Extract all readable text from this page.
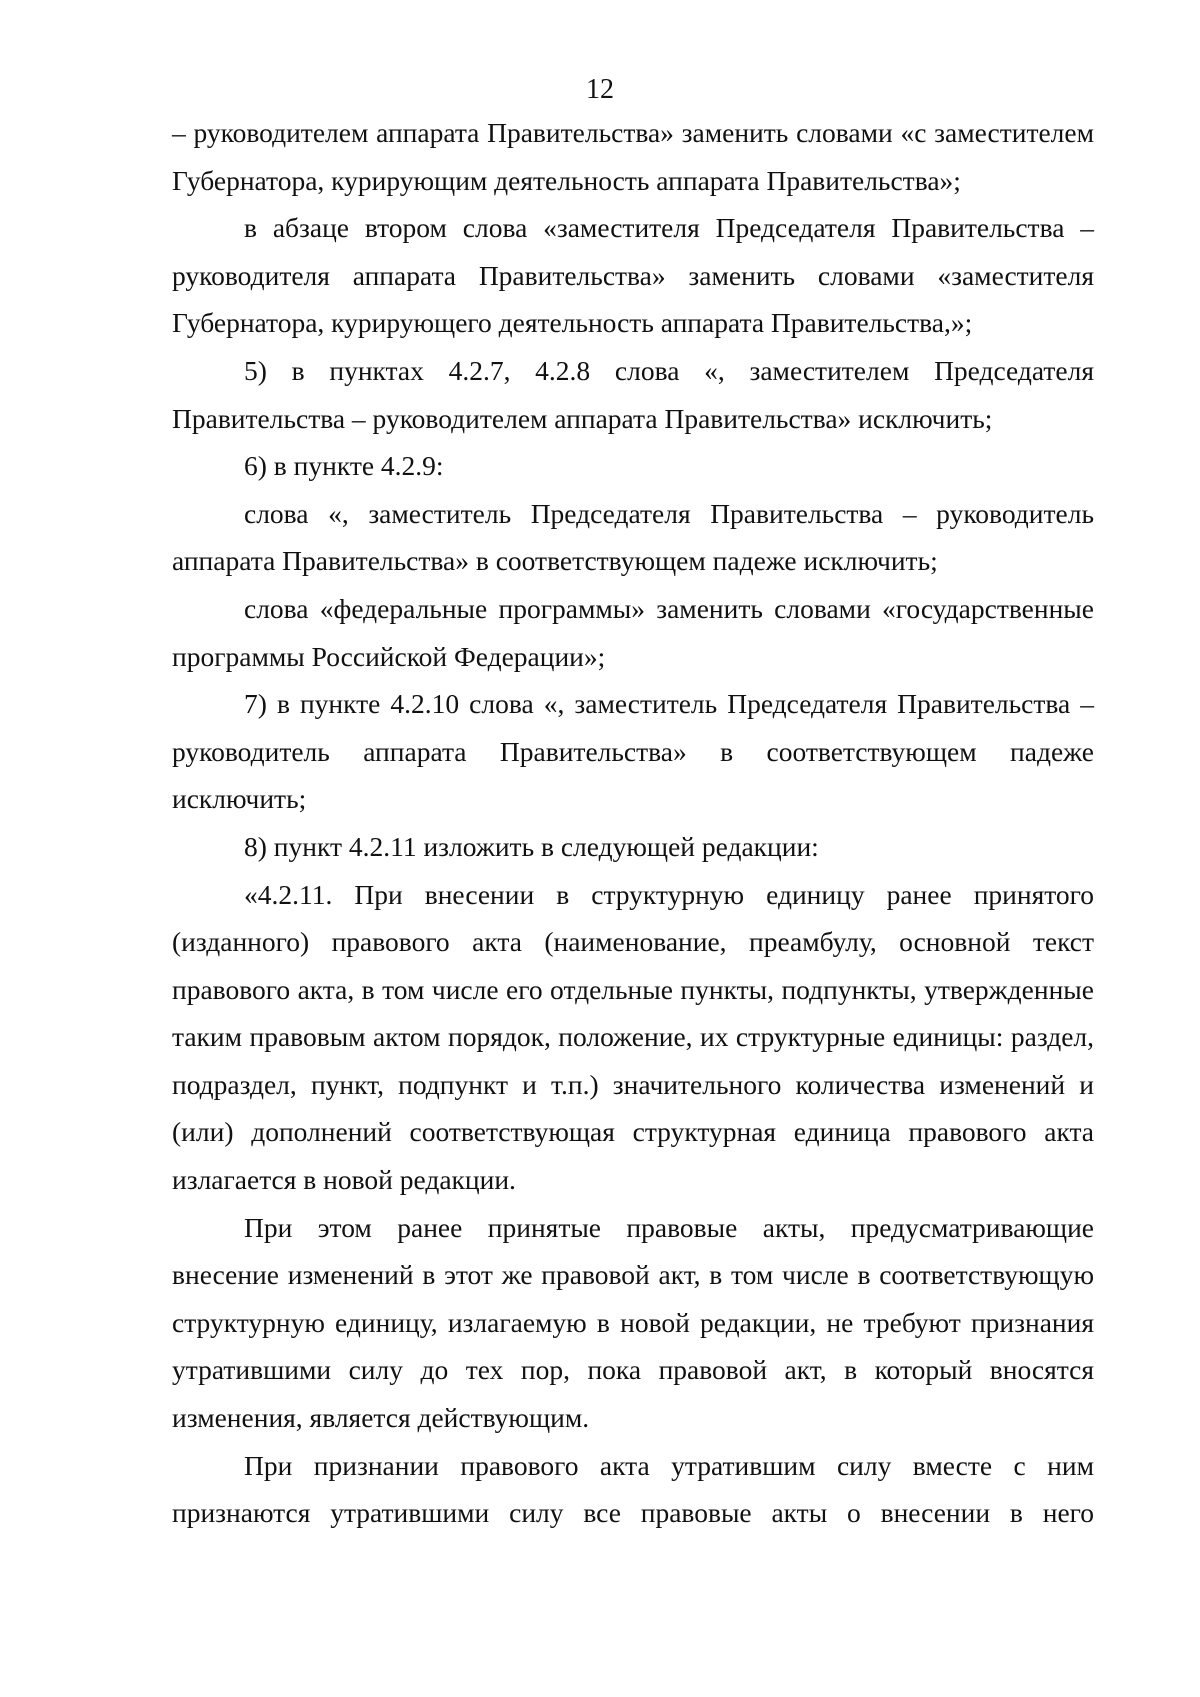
12

– руководителем аппарата Правительства» заменить словами «с заместителем Губернатора, курирующим деятельность аппарата Правительства»;

в абзаце втором слова «заместителя Председателя Правительства – руководителя аппарата Правительства» заменить словами «заместителя Губернатора, курирующего деятельность аппарата Правительства,»;

5) в пунктах 4.2.7, 4.2.8 слова «, заместителем Председателя Правительства – руководителем аппарата Правительства» исключить;

6) в пункте 4.2.9:

слова «, заместитель Председателя Правительства – руководитель аппарата Правительства» в соответствующем падеже исключить;

слова «федеральные программы» заменить словами «государственные программы Российской Федерации»;

7) в пункте 4.2.10 слова «, заместитель Председателя Правительства – руководитель аппарата Правительства» в соответствующем падеже исключить;

8) пункт 4.2.11 изложить в следующей редакции:

«4.2.11. При внесении в структурную единицу ранее принятого (изданного) правового акта (наименование, преамбулу, основной текст правового акта, в том числе его отдельные пункты, подпункты, утвержденные таким правовым актом порядок, положение, их структурные единицы: раздел, подраздел, пункт, подпункт и т.п.) значительного количества изменений и (или) дополнений соответствующая структурная единица правового акта излагается в новой редакции.

При этом ранее принятые правовые акты, предусматривающие внесение изменений в этот же правовой акт, в том числе в соответствующую структурную единицу, излагаемую в новой редакции, не требуют признания утратившими силу до тех пор, пока правовой акт, в который вносятся изменения, является действующим.

При признании правового акта утратившим силу вместе с ним признаются утратившими силу все правовые акты о внесении в него
